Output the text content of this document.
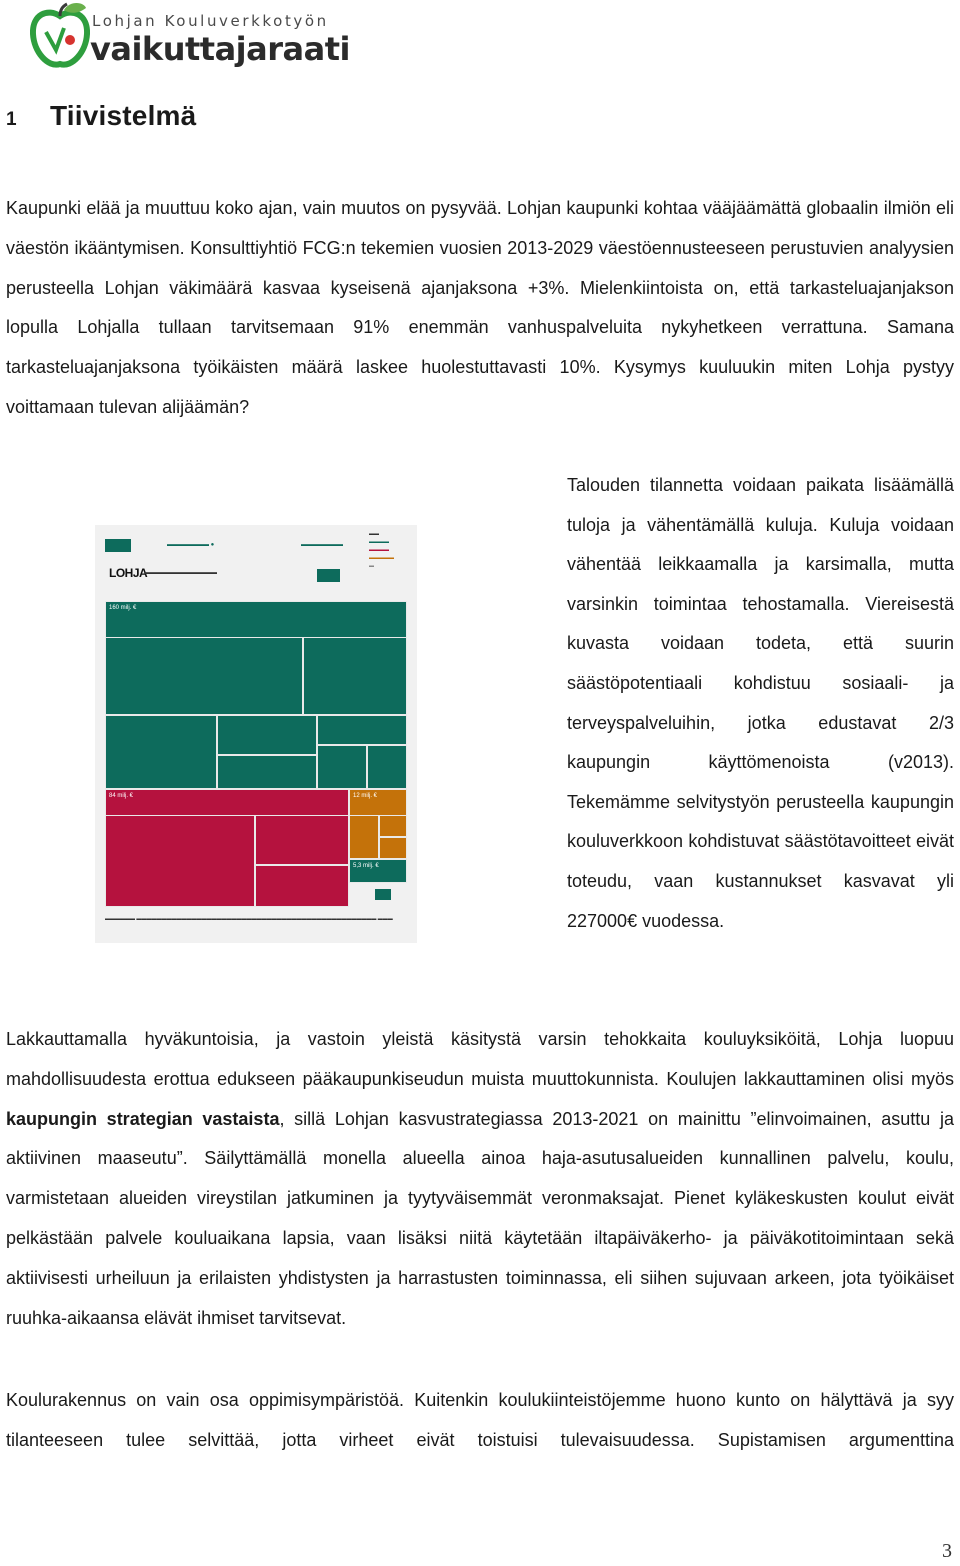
Lohjan Kouluverkkotyön
vaikuttajaraati
1	Tiivistelmä
Kaupunki elää ja muuttuu koko ajan, vain muutos on pysyvää. Lohjan kaupunki kohtaa vääjäämättä globaalin ilmiön eli väestön ikääntymisen. Konsulttiyhtiö FCG:n tekemien vuosien 2013-2029 väestöennusteeseen perustuvien analyysien perusteella Lohjan väkimäärä kasvaa kyseisenä ajanjaksona +3%. Mielenkiintoista on, että tarkasteluajanjakson lopulla Lohjalla tullaan tarvitsemaan 91% enemmän vanhuspalveluita nykyhetkeen verrattuna. Samana tarkasteluajanjaksona työikäisten määrä laskee huolestuttavasti 10%. Kysymys kuuluukin miten Lohja pystyy voittamaan tulevan alijäämän?
Talouden tilannetta voidaan paikata lisäämällä tuloja ja vähentämällä kuluja. Kuluja voidaan vähentää leikkaamalla ja karsimalla, mutta varsinkin toimintaa tehostamalla. Viereisestä kuvasta voidaan todeta, että suurin säästöpotentiaali kohdistuu sosiaali- ja terveyspalveluihin, jotka edustavat 2/3 kaupungin käyttömenoista (v2013). Tekemämme selvitystyön perusteella kaupungin kouluverkkoon kohdistuvat säästötavoitteet eivät toteudu, vaan kustannukset kasvavat yli 227000€ vuodessa.

▬▬▬▬▬▬▬ ●	▬▬▬▬▬▬▬
LOHJA
▬▬▬▬▬▬▬▬▬▬▬▬

▬▬
▬▬▬▬
▬▬▬▬
▬▬▬▬▬
▬
160 milj. €
84 milj. €	12 milj. €
5,3 milj. €

▬▬▬▬▬▬ ▬▬▬▬▬▬▬▬▬▬▬▬▬▬▬▬▬▬▬▬▬▬▬▬▬▬▬▬▬▬▬▬▬▬▬▬▬▬▬▬▬▬▬▬▬▬▬▬ ▬▬▬
Lakkauttamalla hyväkuntoisia, ja vastoin yleistä käsitystä varsin tehokkaita kouluyksiköitä, Lohja luopuu mahdollisuudesta erottua edukseen pääkaupunkiseudun muista muuttokunnista. Koulujen lakkauttaminen olisi myös kaupungin strategian vastaista, sillä Lohjan kasvustrategiassa 2013-2021 on mainittu ”elinvoimainen, asuttu ja aktiivinen maaseutu”. Säilyttämällä monella alueella ainoa haja-asutusalueiden kunnallinen palvelu, koulu, varmistetaan alueiden vireystilan jatkuminen ja tyytyväisemmät veronmaksajat. Pienet kyläkeskusten koulut eivät pelkästään palvele kouluaikana lapsia, vaan lisäksi niitä käytetään iltapäiväkerho- ja päiväkotitoimintaan sekä aktiivisesti urheiluun ja erilaisten yhdistysten ja harrastusten toiminnassa, eli siihen sujuvaan arkeen, jota työikäiset ruuhka-aikaansa elävät ihmiset tarvitsevat.
Koulurakennus on vain osa oppimisympäristöä. Kuitenkin koulukiinteistöjemme huono kunto on hälyttävä ja syy tilanteeseen tulee selvittää, jotta virheet eivät toistuisi tulevaisuudessa. Supistamisen argumenttina
3
